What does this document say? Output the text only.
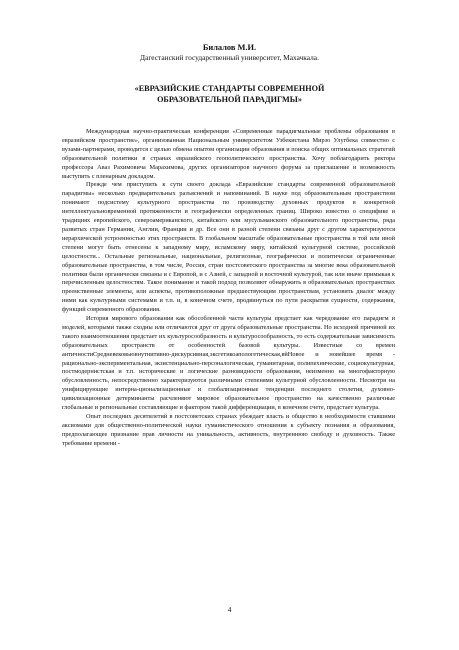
Билалов М.И.
Дагестанский государственный университет, Махачкала.
«ЕВРАЗИЙСКИЕ СТАНДАРТЫ СОВРЕМЕННОЙ
ОБРАЗОВАТЕЛЬНОЙ ПАРАДИГМЫ»

Международная научно-практическая конференция «Современные парадигмальные проблемы образования в евразийском пространстве», организованная Национальным университетом Узбекистана Мирзо Улугбека совместно с вузами-партнерами, проводится с целью обмена опытом организации образования и поиска общих оптимальных стратегий образовательной политики в странах евразийского геополитического пространства. Хочу поблагодарить ректора профессора Аваз Рахимовича Марахимова, других организаторов научного форума за приглашение и возможность выступить с пленарным докладом.

Прежде чем приступить к сути своего доклада «Евразийские стандарты современной образовательной парадигмы» несколько предварительных разъяснений и напоминаний. В науке под образовательным пространством понимают подсистему культурного пространства по производству духовных продуктов в конкретной интеллектуальновременной протяженности и географически определенных границ. Широко известно о специфике и традициях европейского, североамериканского, китайского или мусульманского образовательного пространства, ряда развитых стран Германии, Англии, Франции и др. Все они в разной степени связаны друг с другом характеризуются иерархической устроенностью этих пространств. В глобальном масштабе образовательные пространства в той или иной степени могут быть отнесены к западному миру, исламскому миру, китайской культурной системе, российской целостности... Остальные региональные, национальные, религиозные, географически и политически ограниченные образовательные пространства, в том числе, Россия, стран постсоветского пространства за многие века образовательной политики были органически связаны и с Европой, и с Азией, с западной и восточной культурой, так или иначе примыкая к перечисленным целостностям. Такое понимание и такой подход позволяют обнаружить в образовательных пространствах преемственные элементы, или аспекты, противоположные предшествующим пространствам, установить диалог между ними как культурными системами и т.п. и, в конечном счете, продвинуться по пути раскрытия сущности, содержания, функций современного образования.

История мирового образования как обособленной части культуры предстает как чередование его парадигм и моделей, которыми также сходны или отличаются друг от друга образовательные пространства. Но исходной причиной их такого взаимоотношения предстает их культуросообразность и культуросообразность, то есть содержательная зависимость образовательных пространств от особенностей базовой культуры. Известные со времен античностиСредневековьювнутнитивно-дискурсивная,эксгетикоапологетическая,вйНовое и новейшее время - рационально-экспериментальная, экзистенциально-персоналогическая, гуманитарная, полипехнические, социокультурная, постмодернистская и т.п. исторические и логические разновидности образования, неизменно на многофакторную обусловленность, непосредственно характеризуются различными степенями культурной обусловленности. Несмотря на унифицирующие интерна-ционализационные и глобализационные тенденции последнего столетия, духовно-цивилизационные детерминанты расчленяют мировое образовательное пространство на качественно различные глобальные и региональные составляющие и фактором такой дифференциации, в конечном счете, предстает культура.

Опыт последних десятилетий в постсоветских странах убеждает власть и общество в необходимости ставшими аксиомами для общественно-политической науки гуманистического отношения к субъекту познания и образования, предполагающее признание прав личности на уникальность, активность, внутреннюю свободу и духовность. Также требование времени -

4
